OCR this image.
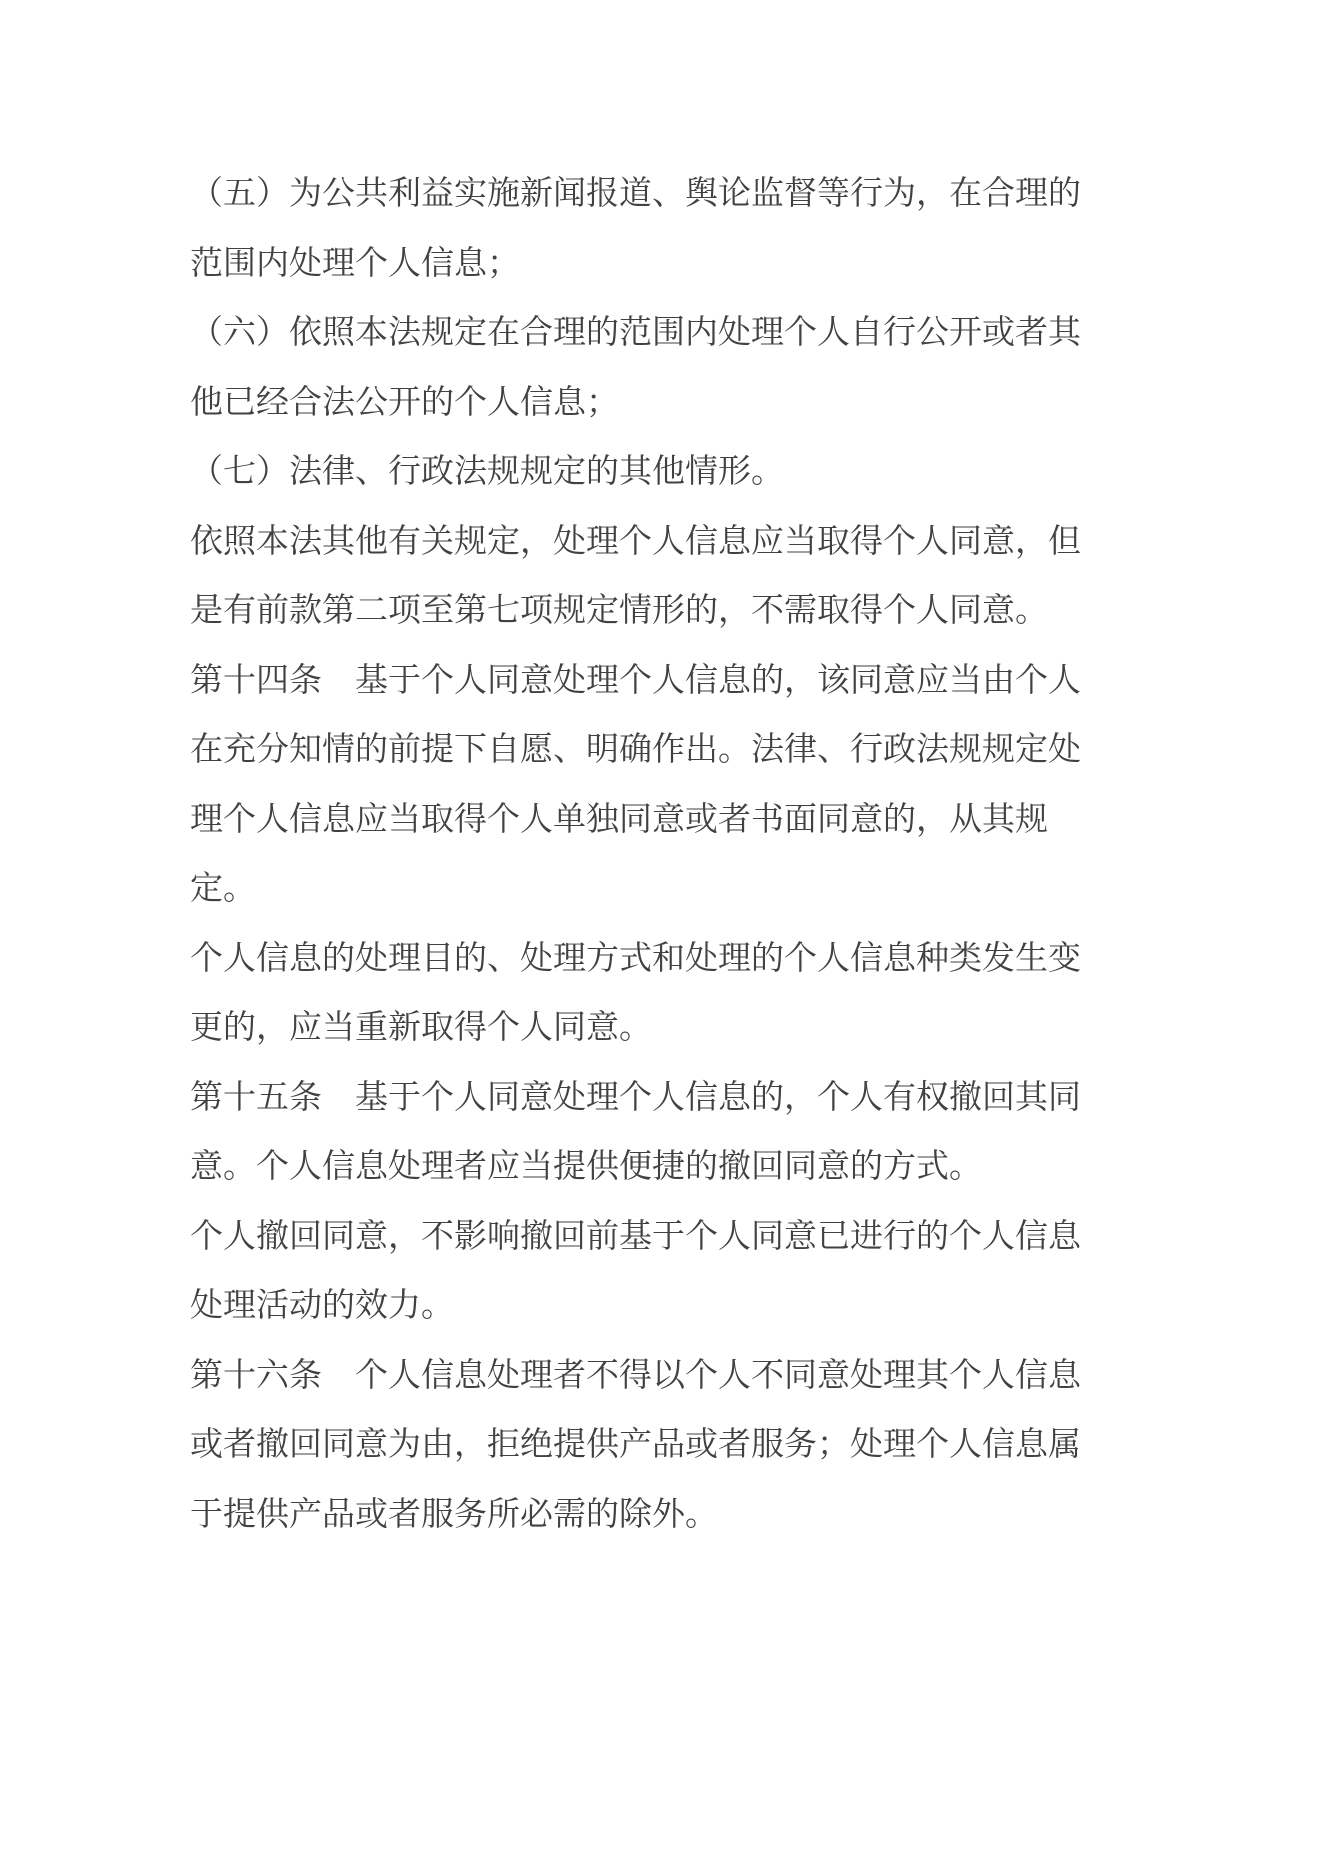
（五）为公共利益实施新闻报道、舆论监督等行为，在合理的
范围内处理个人信息；
（六）依照本法规定在合理的范围内处理个人自行公开或者其
他已经合法公开的个人信息；
（七）法律、行政法规规定的其他情形。
依照本法其他有关规定，处理个人信息应当取得个人同意，但
是有前款第二项至第七项规定情形的，不需取得个人同意。
第十四条　基于个人同意处理个人信息的，该同意应当由个人
在充分知情的前提下自愿、明确作出。法律、行政法规规定处
理个人信息应当取得个人单独同意或者书面同意的，从其规
定。
个人信息的处理目的、处理方式和处理的个人信息种类发生变
更的，应当重新取得个人同意。
第十五条　基于个人同意处理个人信息的，个人有权撤回其同
意。个人信息处理者应当提供便捷的撤回同意的方式。
个人撤回同意，不影响撤回前基于个人同意已进行的个人信息
处理活动的效力。
第十六条　个人信息处理者不得以个人不同意处理其个人信息
或者撤回同意为由，拒绝提供产品或者服务；处理个人信息属
于提供产品或者服务所必需的除外。
